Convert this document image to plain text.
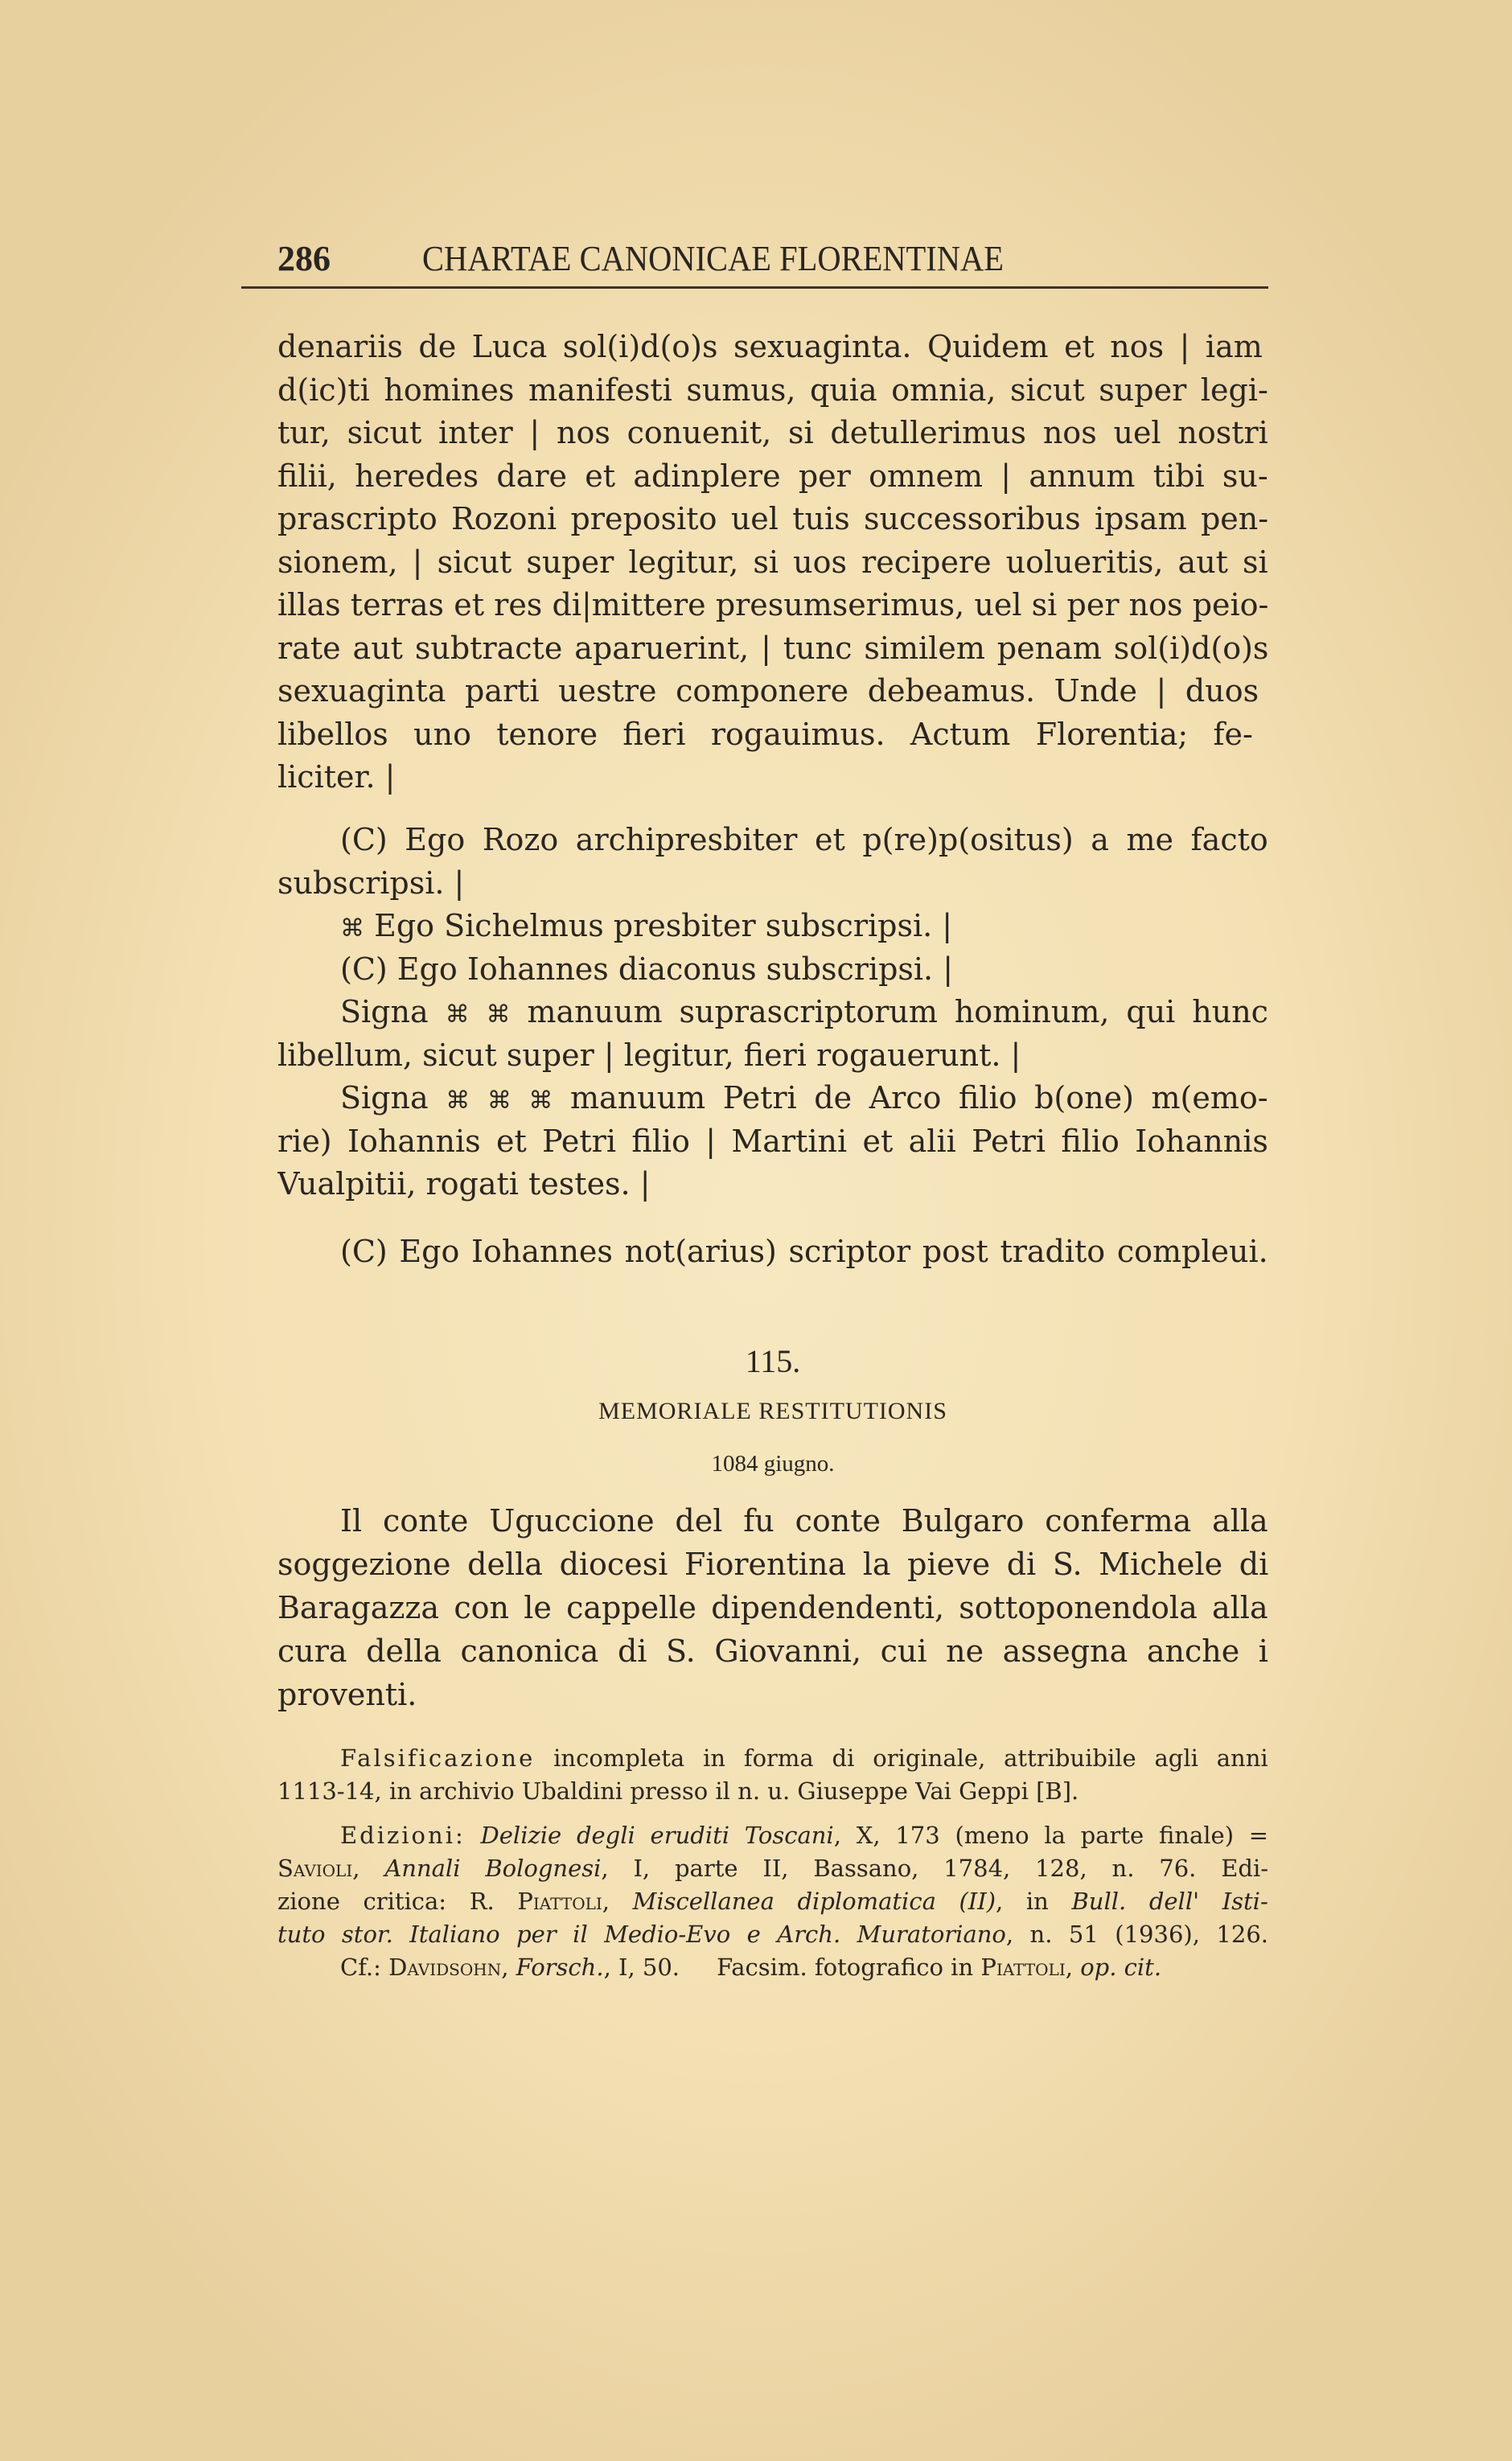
286	CHARTAE CANONICAE FLORENTINAE
denariis de Luca sol(i)d(o)s sexuaginta. Quidem et nos | iam
d(ic)ti homines manifesti sumus, quia omnia, sicut super legi-
tur, sicut inter | nos conuenit, si detullerimus nos uel nostri
filii, heredes dare et adinplere per omnem | annum tibi su-
prascripto Rozoni preposito uel tuis successoribus ipsam pen-
sionem, | sicut super legitur, si uos recipere uolueritis, aut si
illas terras et res di|mittere presumserimus, uel si per nos peio-
rate aut subtracte aparuerint, | tunc similem penam sol(i)d(o)s
sexuaginta parti uestre componere debeamus. Unde | duos
libellos uno tenore fieri rogauimus. Actum Florentia; fe-
liciter. |
(C) Ego Rozo archipresbiter et p(re)p(ositus) a me facto
subscripsi. |
⌘ Ego Sichelmus presbiter subscripsi. |
(C) Ego Iohannes diaconus subscripsi. |
Signa ⌘ ⌘ manuum suprascriptorum hominum, qui hunc
libellum, sicut super | legitur, fieri rogauerunt. |
Signa ⌘ ⌘ ⌘ manuum Petri de Arco filio b(one) m(emo-
rie) Iohannis et Petri filio | Martini et alii Petri filio Iohannis
Vualpitii, rogati testes. |
(C) Ego Iohannes not(arius) scriptor post tradito compleui.
115.
MEMORIALE RESTITUTIONIS
1084 giugno.
Il conte Uguccione del fu conte Bulgaro conferma alla
soggezione della diocesi Fiorentina la pieve di S. Michele di
Baragazza con le cappelle dipendendenti, sottoponendola alla
cura della canonica di S. Giovanni, cui ne assegna anche i
proventi.
Falsificazione incompleta in forma di originale, attribuibile agli anni
1113-14, in archivio Ubaldini presso il n. u. Giuseppe Vai Geppi [B].
Edizioni: Delizie degli eruditi Toscani, X, 173 (meno la parte finale) =
Savioli, Annali Bolognesi, I, parte II, Bassano, 1784, 128, n. 76. Edi-
zione critica: R. Piattoli, Miscellanea diplomatica (II), in Bull. dell' Isti-
tuto stor. Italiano per il Medio-Evo e Arch. Muratoriano, n. 51 (1936), 126.
Cf.: Davidsohn, Forsch., I, 50. Facsim. fotografico in Piattoli, op. cit.
